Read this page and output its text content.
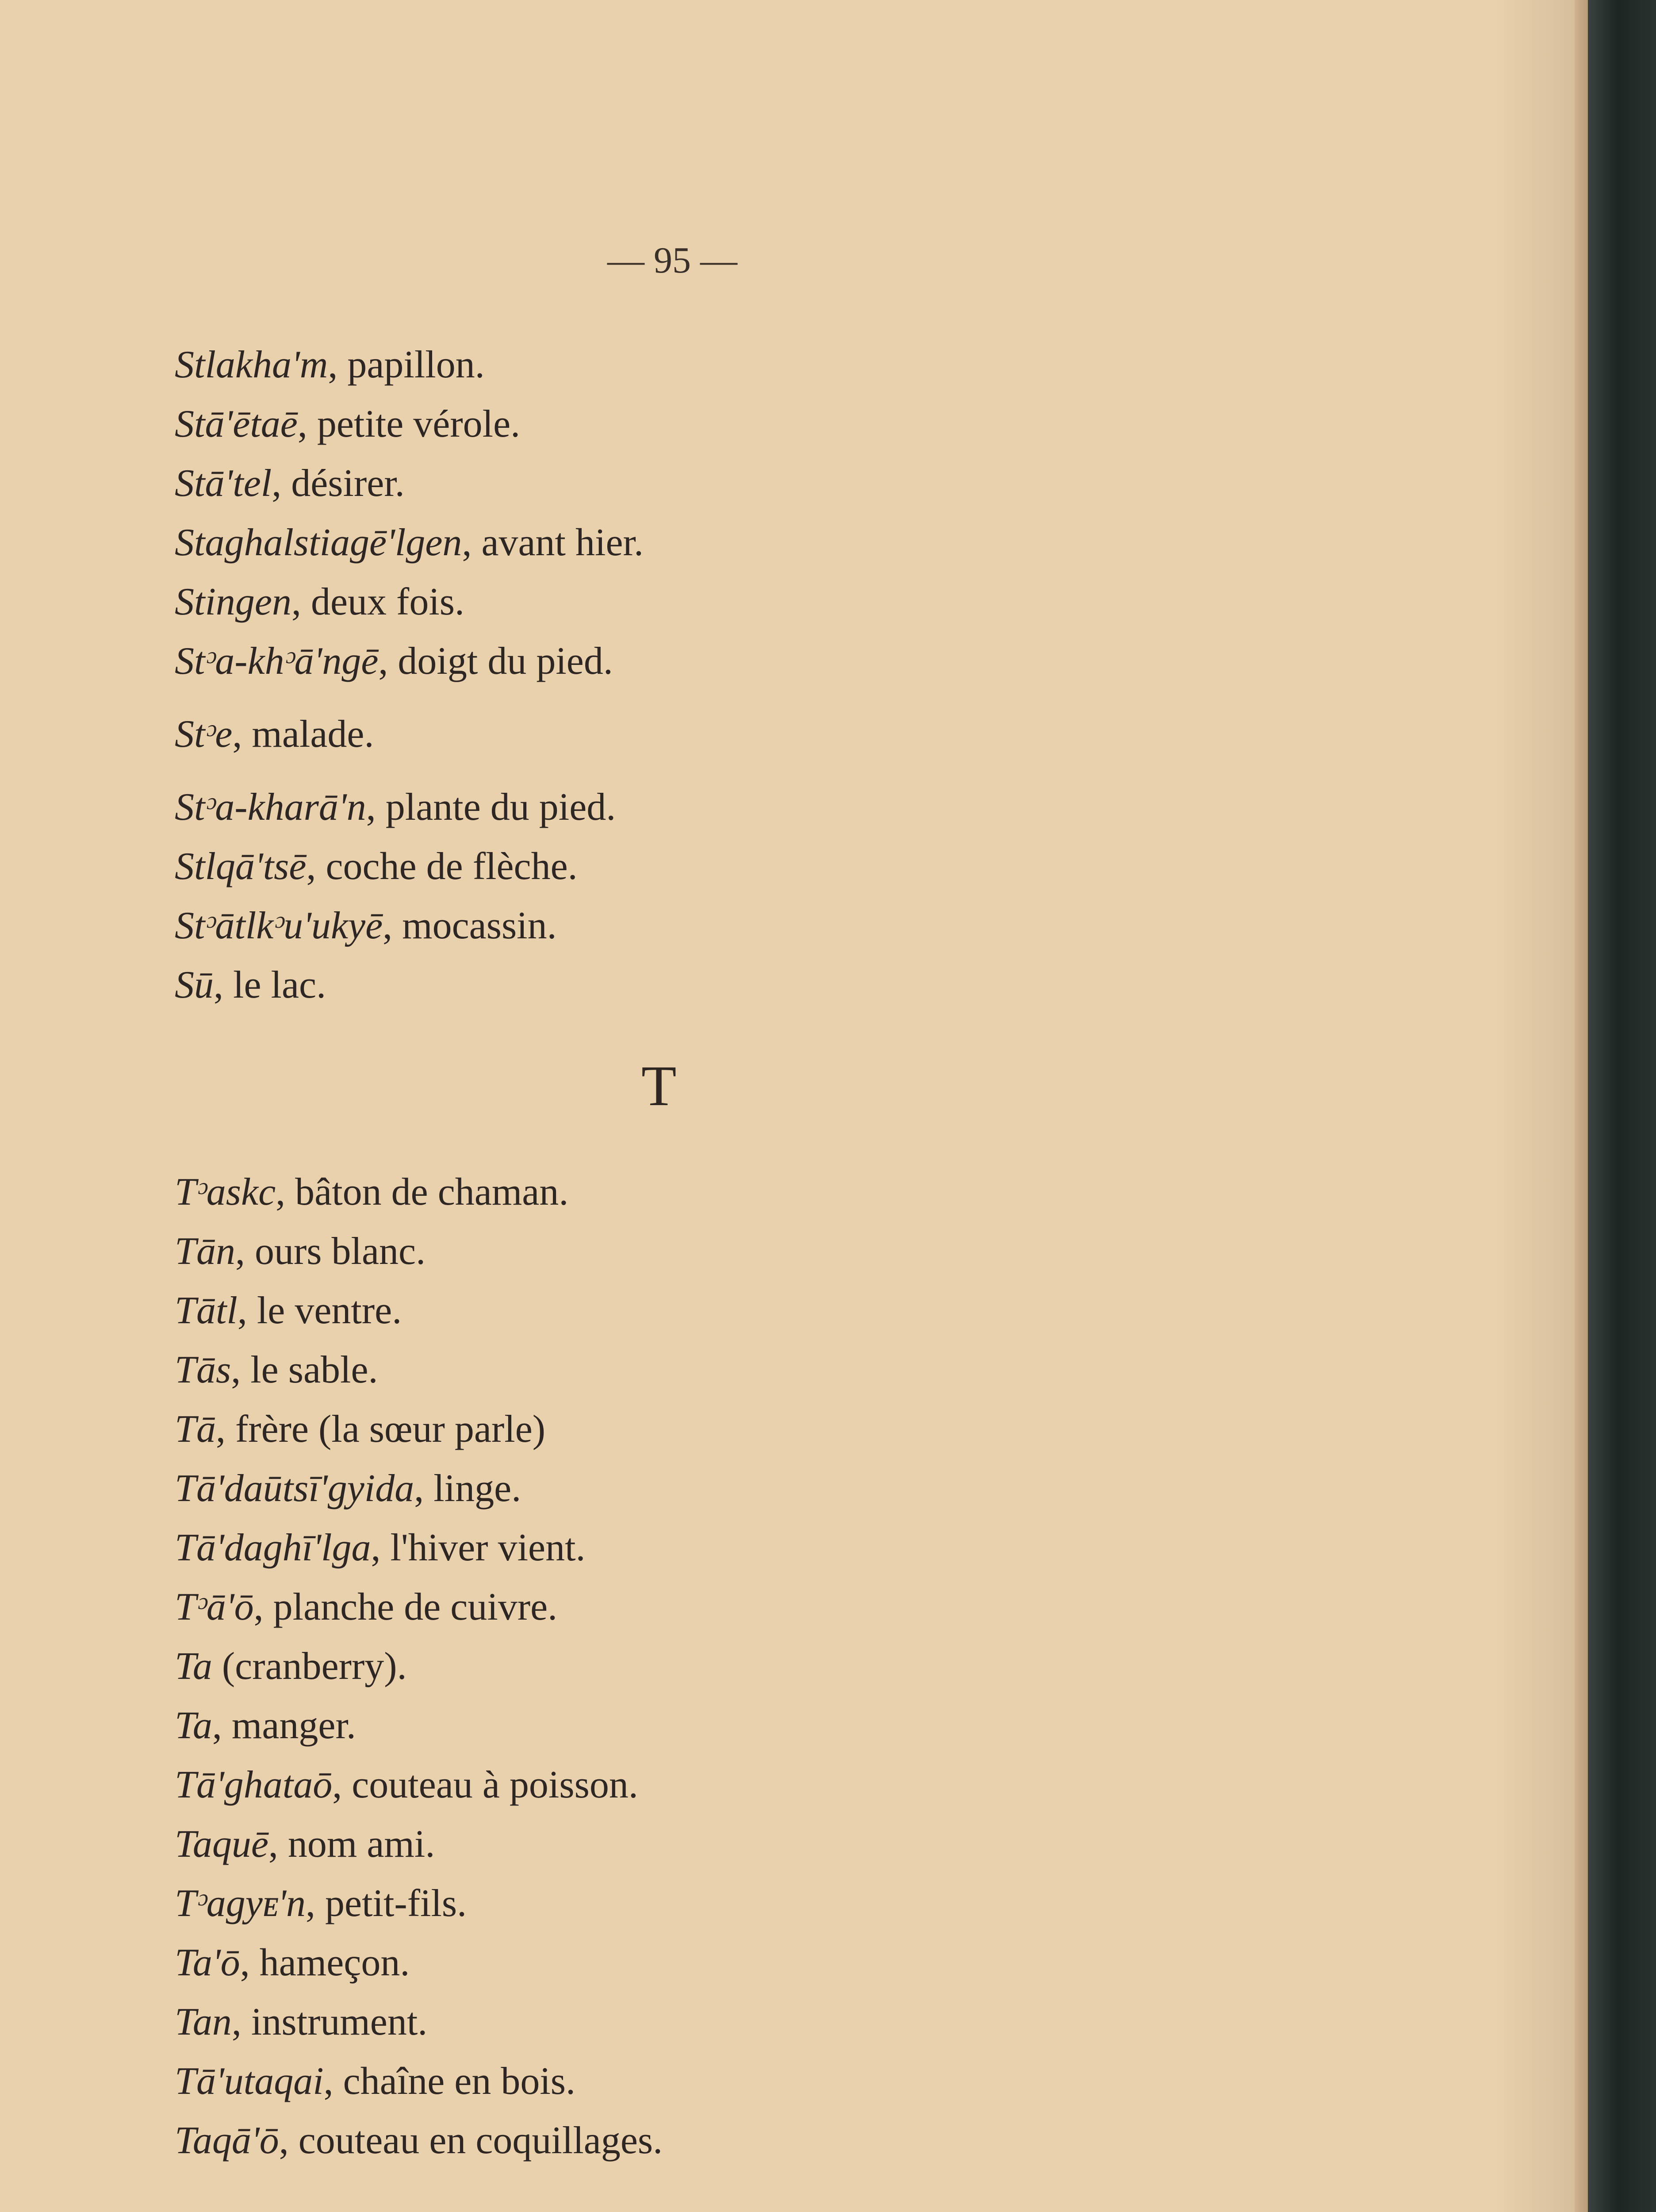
— 95 —
Stlakha'm, papillon.
Stā'ētaē, petite vérole.
Stā'tel, désirer.
Staghalstiagē'lgen, avant hier.
Stingen, deux fois.
Stᵓa-khᵓā'ngē, doigt du pied.
Stᵓe, malade.
Stᵓa-kharā'n, plante du pied.
Stlqā'tsē, coche de flèche.
Stᵓātlkᵓu'ukyē, mocassin.
Sū, le lac.
T
Tᵓaskc, bâton de chaman.
Tān, ours blanc.
Tātl, le ventre.
Tās, le sable.
Tā, frère (la sœur parle)
Tā'daūtsī'gyida, linge.
Tā'daghī'lga, l'hiver vient.
Tᵓā'ō, planche de cuivre.
Ta (cranberry).
Ta, manger.
Tā'ghataō, couteau à poisson.
Taquē, nom ami.
Tᵓagyᴇ'n, petit-fils.
Ta'ō, hameçon.
Tan, instrument.
Tā'utaqai, chaîne en bois.
Taqā'ō, couteau en coquillages.
